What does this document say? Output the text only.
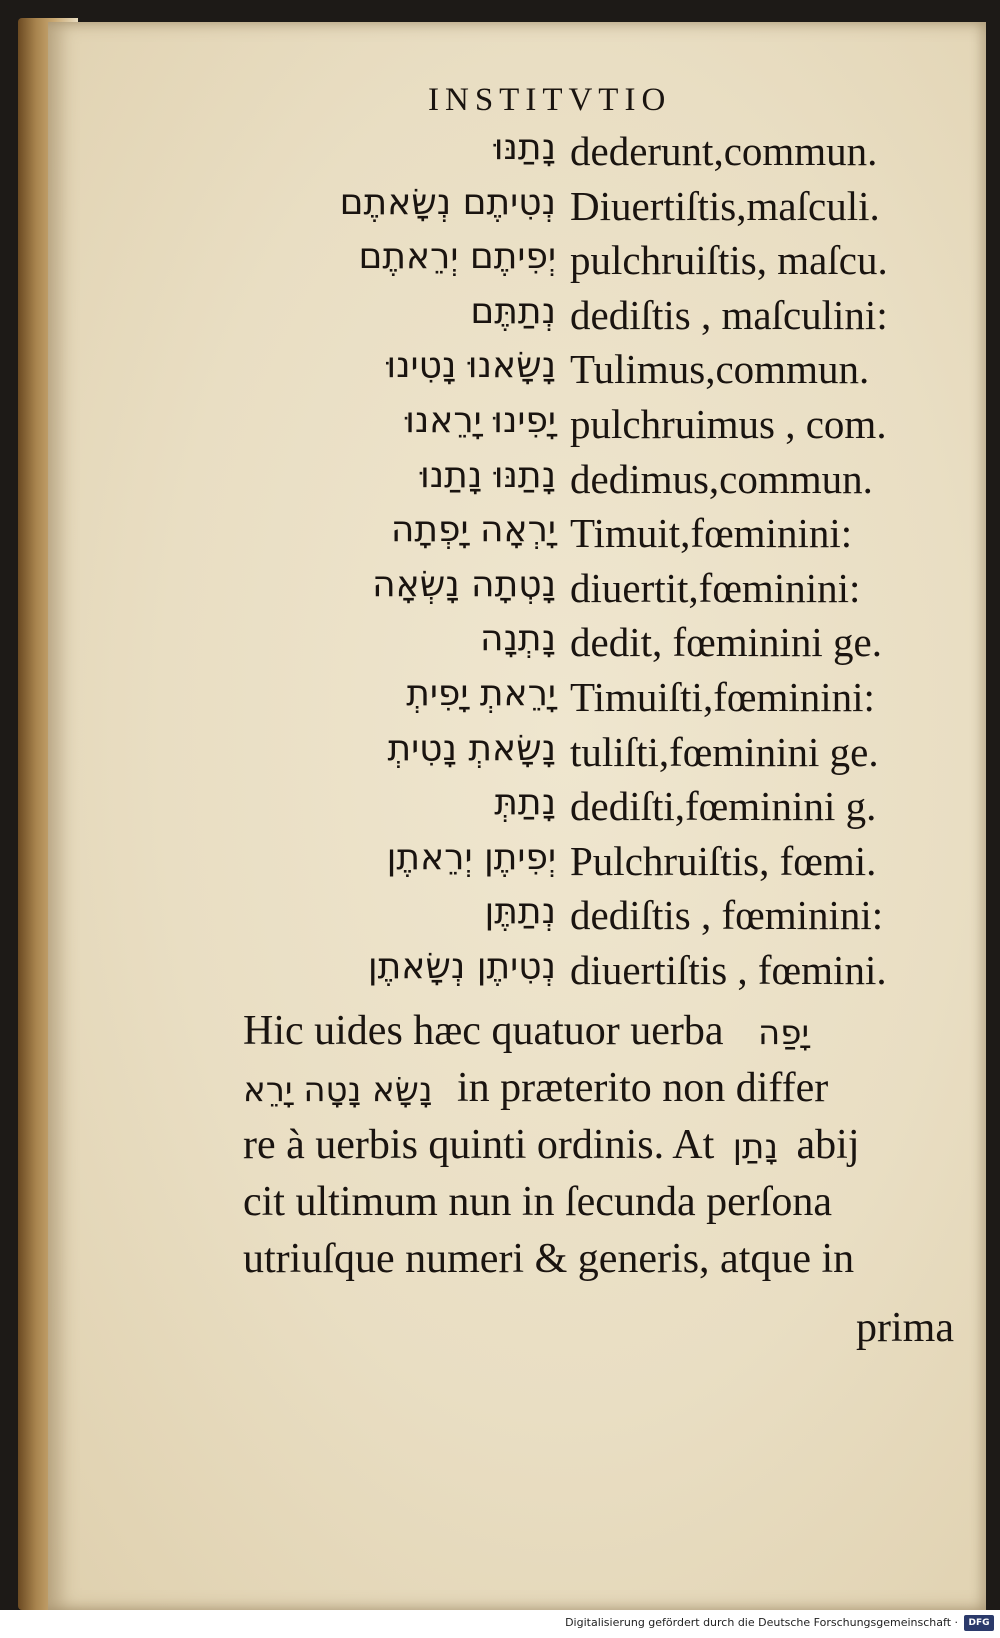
INSTITVTIO
נָתַנּוּ dederunt,commun.
נְטִיתֶם נְשָׂאתֶם Diuertiſtis,maſculi.
יְפִיתֶם יְרֵאתֶם pulchruiſtis, maſcu.
נְתַתֶּם dediſtis , maſculini:
נָשָׂאנוּ נָטִינוּ Tulimus,commun.
יָפִינוּ יָרֵאנוּ pulchruimus , com.
נָתַנּוּ נָתַנוּ dedimus,commun.
יָרְאָה יָפְתָה Timuit,fœminini:
נָטְתָה נָשְׂאָה diuertit,fœminini:
נָתְנָה dedit, fœminini ge.
יָרֵאתְ יָפִיתְ Timuiſti,fœminini:
נָשָׂאתְ נָטִיתְ tuliſti,fœminini ge.
נָתַתְּ dediſti,fœminini g.
יְפִיתֶן יְרֵאתֶן Pulchruiſtis, fœmi.
נְתַתֶּן dediſtis , fœminini:
נְטִיתֶן נְשָׂאתֶן diuertiſtis , fœmini.
Hic uides hæc quatuor uerba יָפַה
נָשָׂא נָטָה יָרֵא in præterito non differ
re à uerbis quinti ordinis. At נָתַן abij
cit ultimum nun in ſecunda perſona
utriuſque numeri & generis, atque in
prima
Digitalisierung gefördert durch die Deutsche Forschungsgemeinschaft ·	DFG
